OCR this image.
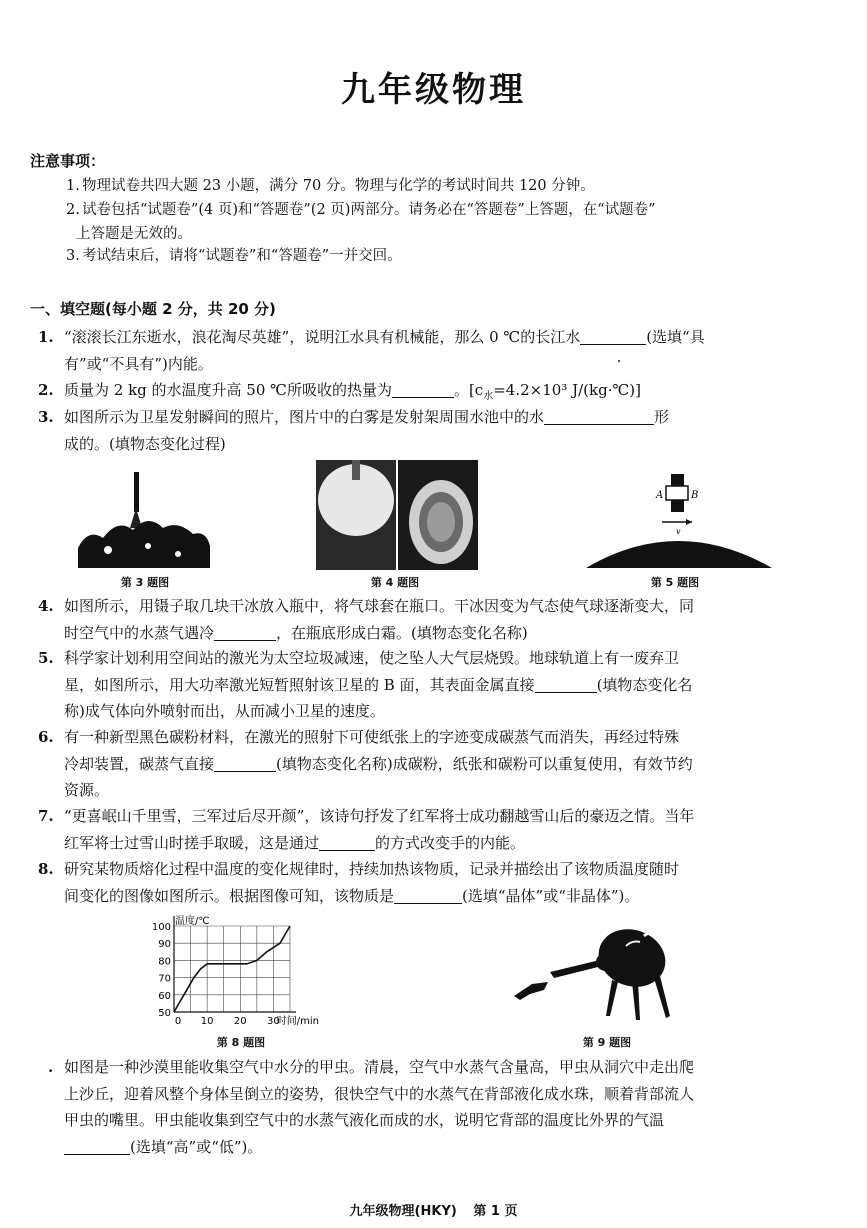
九年级物理
注意事项：
1. 物理试卷共四大题 23 小题，满分 70 分。物理与化学的考试时间共 120 分钟。
2. 试卷包括“试题卷”(4 页)和“答题卷”(2 页)两部分。请务必在“答题卷”上答题，在“试题卷”
上答题是无效的。
3. 考试结束后，请将“试题卷”和“答题卷”一并交回。
一、填空题(每小题 2 分，共 20 分)
1. “滚滚长江东逝水，浪花淘尽英雄”，说明江水具有机械能，那么 0 ℃的长江水	(选填“具
有”或“不具有”)内能。
2. 质量为 2 kg 的水温度升高 50 ℃所吸收的热量为	。[$c_水=4.2\times 10^3$ J/(kg·℃)]
3. 如图所示为卫星发射瞬间的照片，图片中的白雾是发射架周围水池中的水	形
成的。(填物态变化过程)
第 3 题图	第 4 题图
A	B
v
第 5 题图
4. 如图所示，用镊子取几块干冰放入瓶中，将气球套在瓶口。干冰因变为气态使气球逐渐变大，同
时空气中的水蒸气遇冷	，在瓶底形成白霜。(填物态变化名称)
5. 科学家计划利用空间站的激光为太空垃圾减速，使之坠人大气层烧毁。地球轨道上有一废弃卫
星，如图所示，用大功率激光短暂照射该卫星的 B 面，其表面金属直接	(填物态变化名
称)成气体向外喷射而出，从而减小卫星的速度。
6. 有一种新型黑色碳粉材料，在激光的照射下可使纸张上的字迹变成碳蒸气而消失，再经过特殊
冷却装置，碳蒸气直接	(填物态变化名称)成碳粉，纸张和碳粉可以重复使用，有效节约
资源。
7. “更喜岷山千里雪，三军过后尽开颜”，该诗句抒发了红军将士成功翻越雪山后的豪迈之情。当年
红军将士过雪山时搓手取暖，这是通过	的方式改变手的内能。
8. 研究某物质熔化过程中温度的变化规律时，持续加热该物质，记录并描绘出了该物质温度随时
间变化的图像如图所示。根据图像可知，该物质是	(选填“晶体”或“非晶体”)。
50
60
70
80
90
100
10 20 30
0
温度/℃
时间/min
第 8 题图	第 9 题图
. 如图是一种沙漠里能收集空气中水分的甲虫。清晨，空气中水蒸气含量高，甲虫从洞穴中走出爬
上沙丘，迎着风整个身体呈倒立的姿势，很快空气中的水蒸气在背部液化成水珠，顺着背部流人
甲虫的嘴里。甲虫能收集到空气中的水蒸气液化而成的水，说明它背部的温度比外界的气温
(选填“高”或“低”)。
九年级物理(HKY) 第 1 页
